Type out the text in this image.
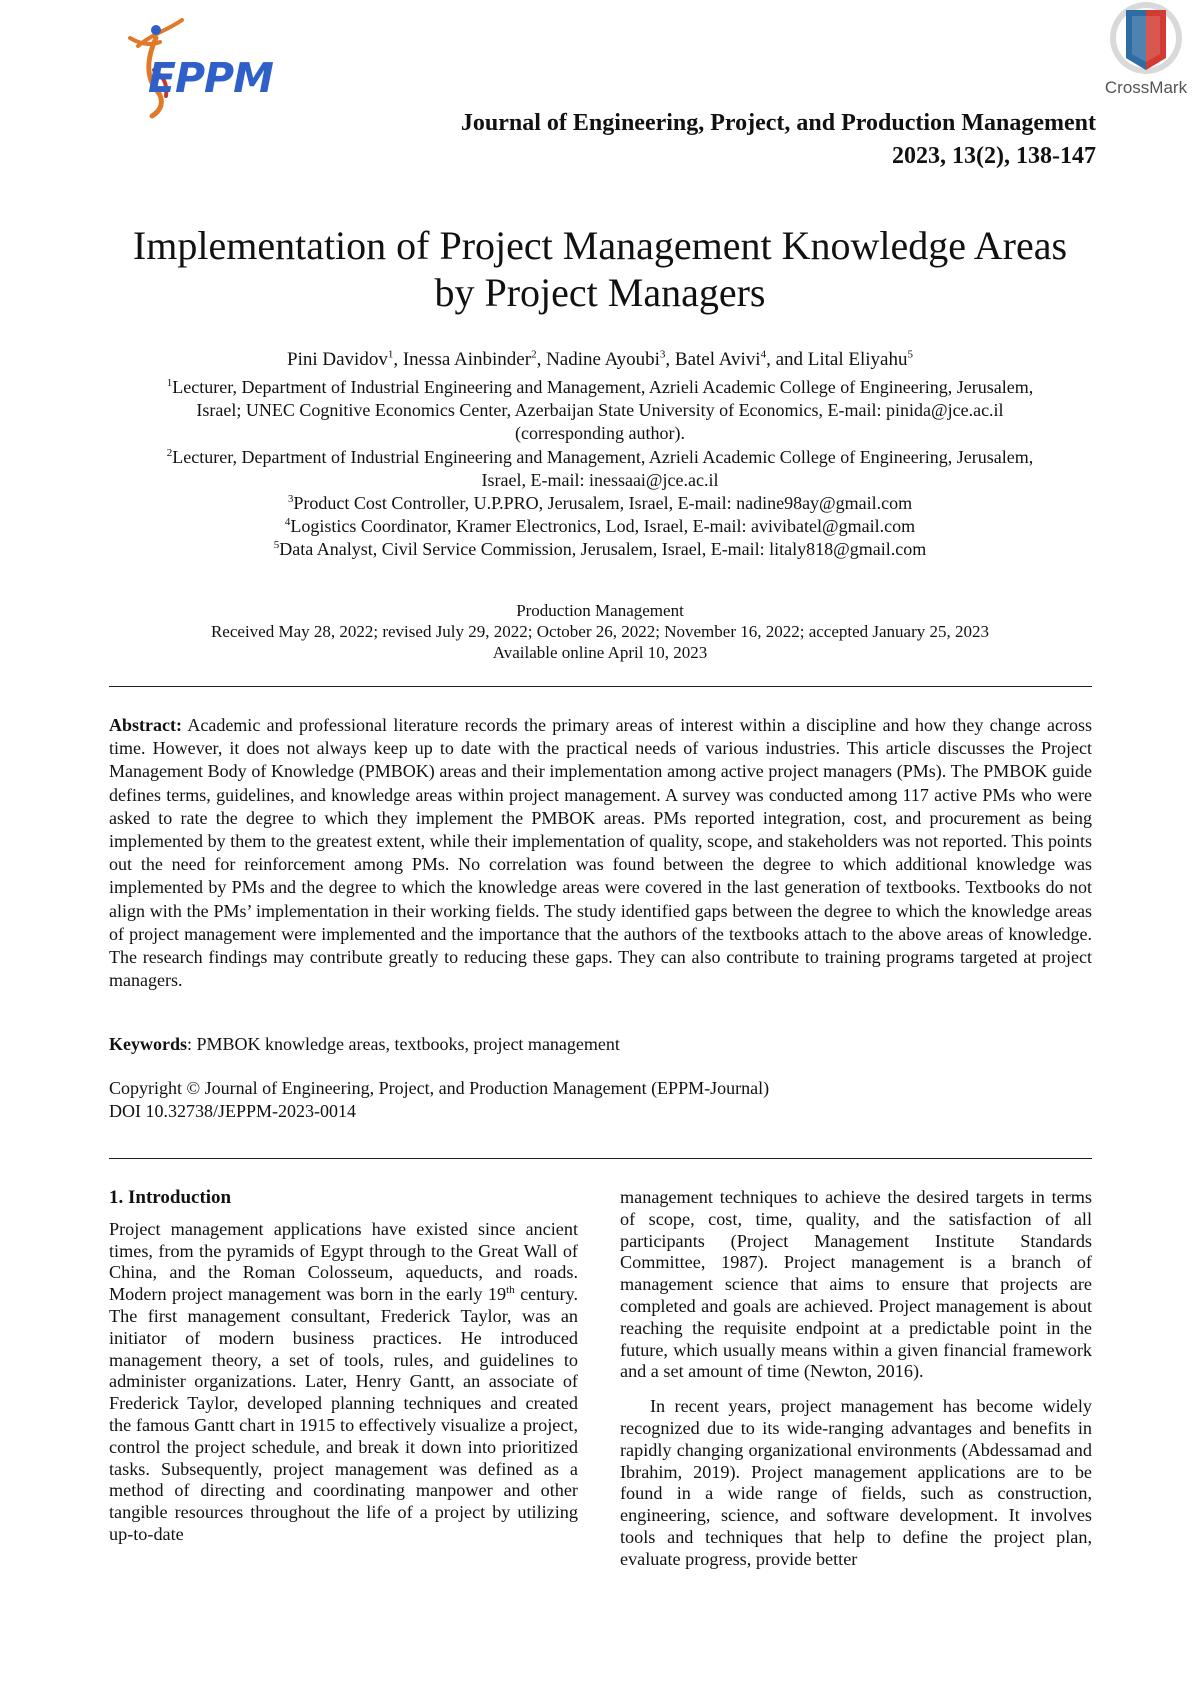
EPPM	CrossMark
Journal of Engineering, Project, and Production Management
2023, 13(2), 138-147
Implementation of Project Management Knowledge Areas
by Project Managers
Pini Davidov$^1$, Inessa Ainbinder$^2$, Nadine Ayoubi$^3$, Batel Avivi$^4$, and Lital Eliyahu$^5$
$^1$Lecturer, Department of Industrial Engineering and Management, Azrieli Academic College of Engineering, Jerusalem,
Israel; UNEC Cognitive Economics Center, Azerbaijan State University of Economics, E-mail: pinida@jce.ac.il
(corresponding author).
$^2$Lecturer, Department of Industrial Engineering and Management, Azrieli Academic College of Engineering, Jerusalem,
Israel, E-mail: inessaai@jce.ac.il
$^3$Product Cost Controller, U.P.PRO, Jerusalem, Israel, E-mail: nadine98ay@gmail.com
$^4$Logistics Coordinator, Kramer Electronics, Lod, Israel, E-mail: avivibatel@gmail.com
$^5$Data Analyst, Civil Service Commission, Jerusalem, Israel, E-mail: litaly818@gmail.com
Production Management
Received May 28, 2022; revised July 29, 2022; October 26, 2022; November 16, 2022; accepted January 25, 2023
Available online April 10, 2023
Abstract: Academic and professional literature records the primary areas of interest within a discipline and how they change across time. However, it does not always keep up to date with the practical needs of various industries. This article discusses the Project Management Body of Knowledge (PMBOK) areas and their implementation among active project managers (PMs). The PMBOK guide defines terms, guidelines, and knowledge areas within project management. A survey was conducted among 117 active PMs who were asked to rate the degree to which they implement the PMBOK areas. PMs reported integration, cost, and procurement as being implemented by them to the greatest extent, while their implementation of quality, scope, and stakeholders was not reported. This points out the need for reinforcement among PMs. No correlation was found between the degree to which additional knowledge was implemented by PMs and the degree to which the knowledge areas were covered in the last generation of textbooks. Textbooks do not align with the PMs’ implementation in their working fields. The study identified gaps between the degree to which the knowledge areas of project management were implemented and the importance that the authors of the textbooks attach to the above areas of knowledge. The research findings may contribute greatly to reducing these gaps. They can also contribute to training programs targeted at project managers.
Keywords: PMBOK knowledge areas, textbooks, project management
Copyright © Journal of Engineering, Project, and Production Management (EPPM-Journal)
DOI 10.32738/JEPPM-2023-0014
1. Introduction

Project management applications have existed since ancient times, from the pyramids of Egypt through to the Great Wall of China, and the Roman Colosseum, aqueducts, and roads. Modern project management was born in the early 19th century. The first management consultant, Frederick Taylor, was an initiator of modern business practices. He introduced management theory, a set of tools, rules, and guidelines to administer organizations. Later, Henry Gantt, an associate of Frederick Taylor, developed planning techniques and created the famous Gantt chart in 1915 to effectively visualize a project, control the project schedule, and break it down into prioritized tasks. Subsequently, project management was defined as a method of directing and coordinating manpower and other tangible resources throughout the life of a project by utilizing up-to-date

management techniques to achieve the desired targets in terms of scope, cost, time, quality, and the satisfaction of all participants (Project Management Institute Standards Committee, 1987). Project management is a branch of management science that aims to ensure that projects are completed and goals are achieved. Project management is about reaching the requisite endpoint at a predictable point in the future, which usually means within a given financial framework and a set amount of time (Newton, 2016).

In recent years, project management has become widely recognized due to its wide-ranging advantages and benefits in rapidly changing organizational environments (Abdessamad and Ibrahim, 2019). Project management applications are to be found in a wide range of fields, such as construction, engineering, science, and software development. It involves tools and techniques that help to define the project plan, evaluate progress, provide better
